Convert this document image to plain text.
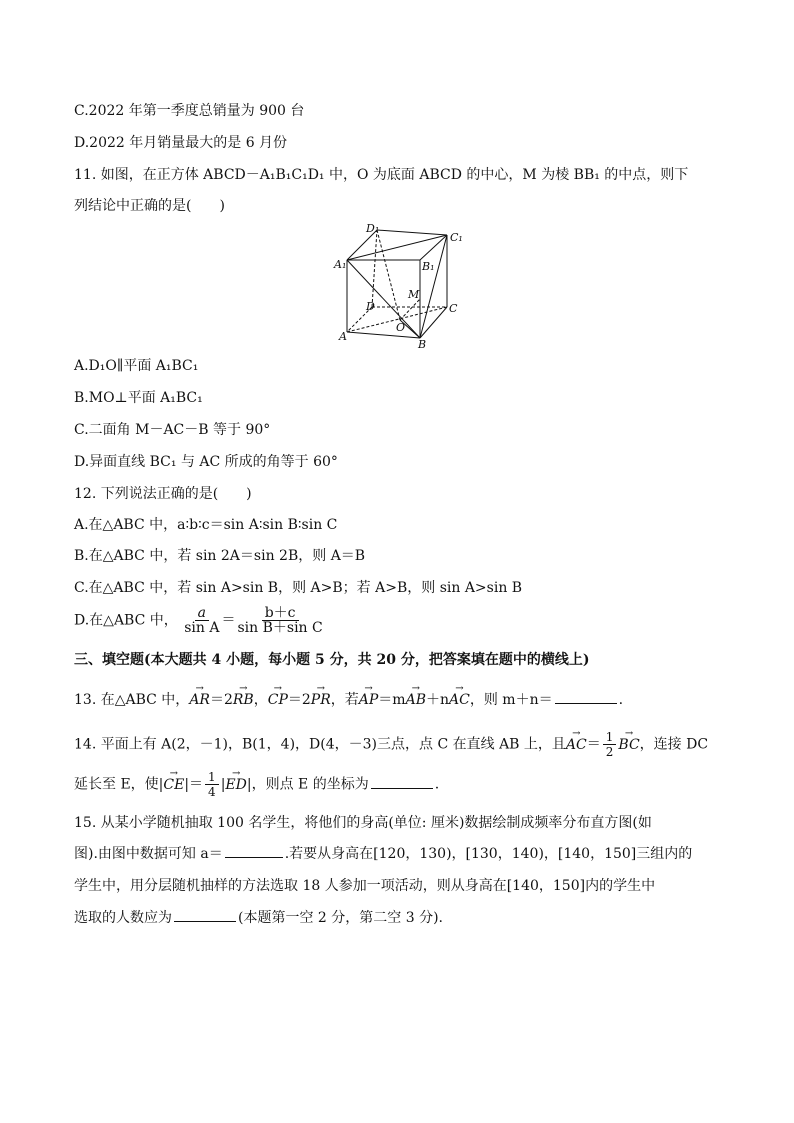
C.2022 年第一季度总销量为 900 台
D.2022 年月销量最大的是 6 月份
11. 如图，在正方体 ABCD－A₁B₁C₁D₁ 中，O 为底面 ABCD 的中心，M 为棱 BB₁ 的中点，则下
列结论中正确的是(　　)
D₁
C₁
A₁	B₁
D
M
C
O
A
B
A.D₁O∥平面 A₁BC₁
B.MO⊥平面 A₁BC₁
C.二面角 M－AC－B 等于 90°
D.异面直线 BC₁ 与 AC 所成的角等于 60°
12. 下列说法正确的是(　　)
A.在△ABC 中，a∶b∶c＝sin A∶sin B∶sin C
B.在△ABC 中，若 sin 2A＝sin 2B，则 A＝B
C.在△ABC 中，若 sin A>sin B，则 A>B；若 A>B，则 sin A>sin B
D.在△ABC 中， $\frac{a}{\text{sin A}} = \frac{b+c}{\text{sin B＋sin C}}$
三、填空题(本大题共 4 小题，每小题 5 分，共 20 分，把答案填在题中的横线上)
13. 在△ABC 中，→ AR＝2→ RB，→ CP＝2→ PR，若→ AP＝m→ AB＋n→ AC，则 m＋n＝	.
14. 平面上有 A(2，－1)，B(1，4)，D(4，－3)三点，点 C 在直线 AB 上，且→ $AC= \frac{1}{2}$
→ BC，连接 DC
延长至 E，使|→ $CE|= \frac{1}{4}$ |→ ED|，则点 E 的坐标为	.
15. 从某小学随机抽取 100 名学生，将他们的身高(单位: 厘米)数据绘制成频率分布直方图(如
图).由图中数据可知 a＝	.若要从身高在[120，130)，[130，140)，[140，150]三组内的
学生中，用分层随机抽样的方法选取 18 人参加一项活动，则从身高在[140，150]内的学生中
选取的人数应为	(本题第一空 2 分，第二空 3 分).
